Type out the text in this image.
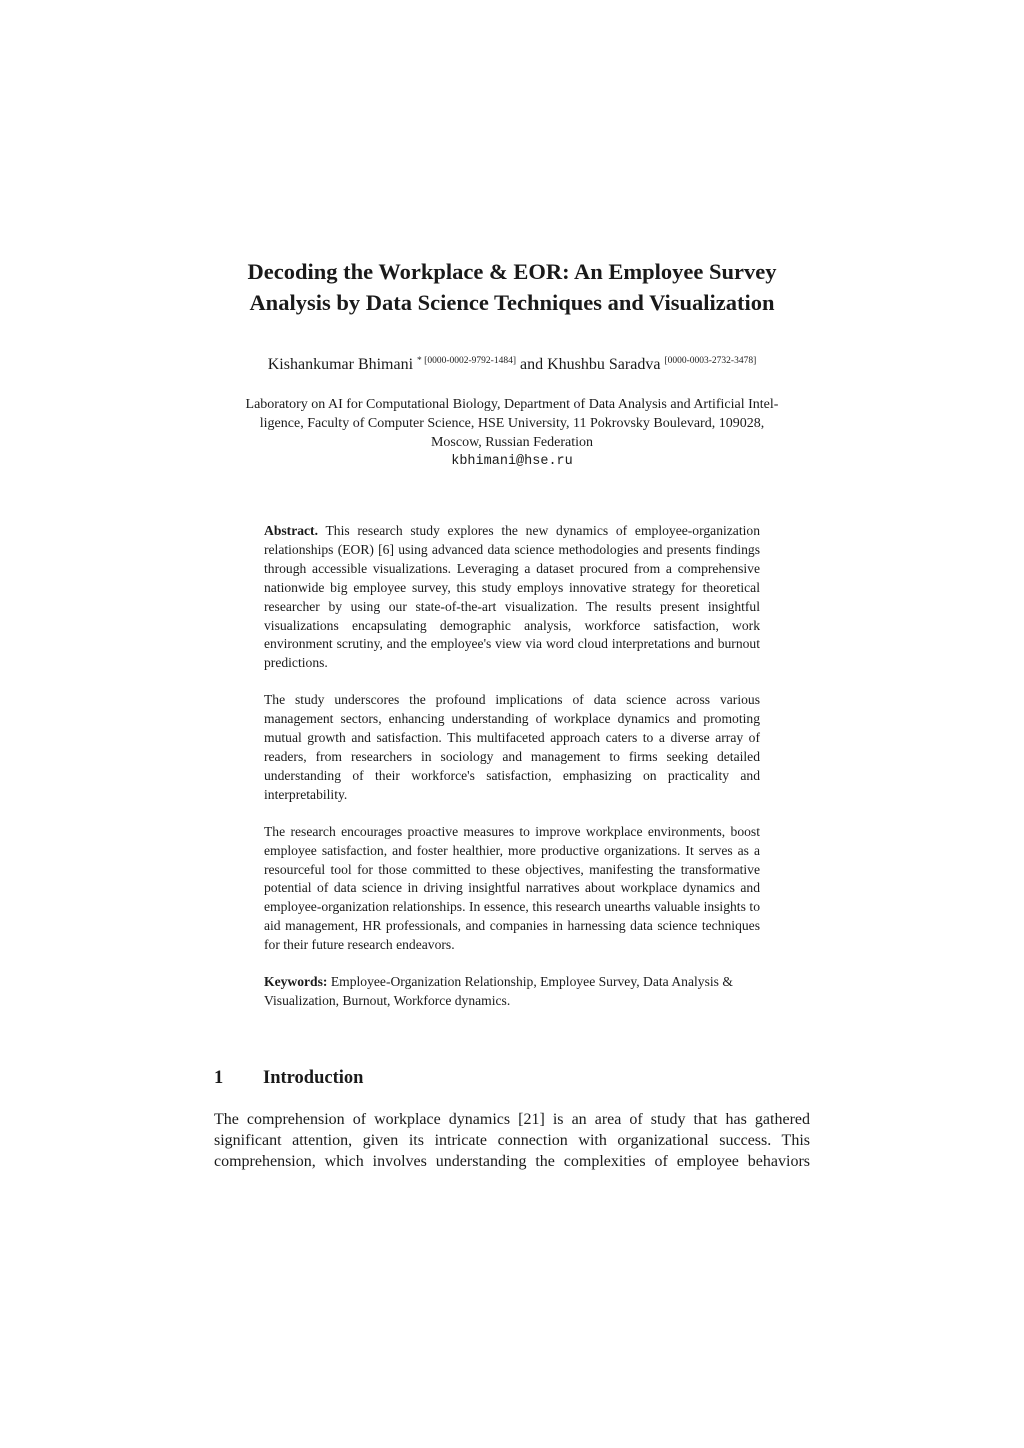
Decoding the Workplace & EOR: An Employee Survey
Analysis by Data Science Techniques and Visualization
Kishankumar Bhimani $^{* [0000-0002-9792-1484]}$ and Khushbu Saradva [0000-0003-2732-3478]
Laboratory on AI for Computational Biology, Department of Data Analysis and Artificial Intel-
ligence, Faculty of Computer Science, HSE University, 11 Pokrovsky Boulevard, 109028,
Moscow, Russian Federation
kbhimani@hse.ru

Abstract. This research study explores the new dynamics of employee-organization relationships (EOR) [6] using advanced data science methodologies and presents findings through accessible visualizations. Leveraging a dataset procured from a comprehensive nationwide big employee survey, this study employs innovative strategy for theoretical researcher by using our state-of-the-art visualization. The results present insightful visualizations encapsulating demographic analysis, workforce satisfaction, work environment scrutiny, and the employee's view via word cloud interpretations and burnout predictions.

The study underscores the profound implications of data science across various management sectors, enhancing understanding of workplace dynamics and promoting mutual growth and satisfaction. This multifaceted approach caters to a diverse array of readers, from researchers in sociology and management to firms seeking detailed understanding of their workforce's satisfaction, emphasizing on practicality and interpretability.

The research encourages proactive measures to improve workplace environments, boost employee satisfaction, and foster healthier, more productive organizations. It serves as a resourceful tool for those committed to these objectives, manifesting the transformative potential of data science in driving insightful narratives about workplace dynamics and employee-organization relationships. In essence, this research unearths valuable insights to aid management, HR professionals, and companies in harnessing data science techniques for their future research endeavors.

Keywords: Employee-Organization Relationship, Employee Survey, Data Analysis & Visualization, Burnout, Workforce dynamics.

1 Introduction

The comprehension of workplace dynamics [21] is an area of study that has gathered significant attention, given its intricate connection with organizational success. This comprehension, which involves understanding the complexities of employee behaviors
